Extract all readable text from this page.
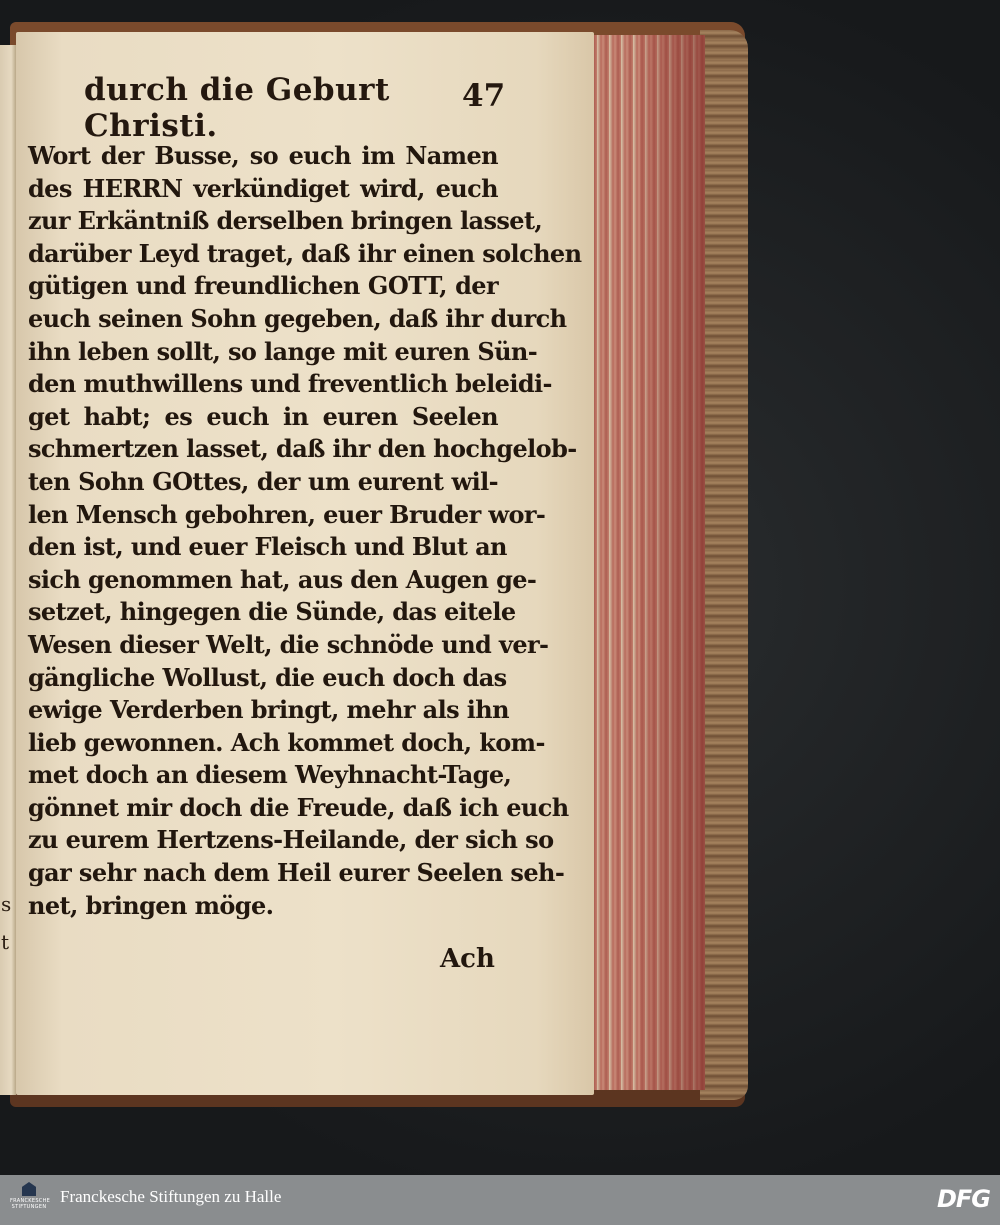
s
t
durch die Geburt Christi.
47
Wort der Busse, so euch im Namen
des HERRN verkündiget wird, euch
zur Erkäntniß derselben bringen lasset,
darüber Leyd traget, daß ihr einen solchen
gütigen und freundlichen GOTT, der
euch seinen Sohn gegeben, daß ihr durch
ihn leben sollt, so lange mit euren Sün-
den muthwillens und freventlich beleidi-
get habt; es euch in euren Seelen
schmertzen lasset, daß ihr den hochgelob-
ten Sohn GOttes, der um eurent wil-
len Mensch gebohren, euer Bruder wor-
den ist, und euer Fleisch und Blut an
sich genommen hat, aus den Augen ge-
setzet, hingegen die Sünde, das eitele
Wesen dieser Welt, die schnöde und ver-
gängliche Wollust, die euch doch das
ewige Verderben bringt, mehr als ihn
lieb gewonnen. Ach kommet doch, kom-
met doch an diesem Weyhnacht-Tage,
gönnet mir doch die Freude, daß ich euch
zu eurem Hertzens-Heilande, der sich so
gar sehr nach dem Heil eurer Seelen seh-
net, bringen möge.
Ach
FRANCKESCHE STIFTUNGEN
Franckesche Stiftungen zu Halle	DFG
